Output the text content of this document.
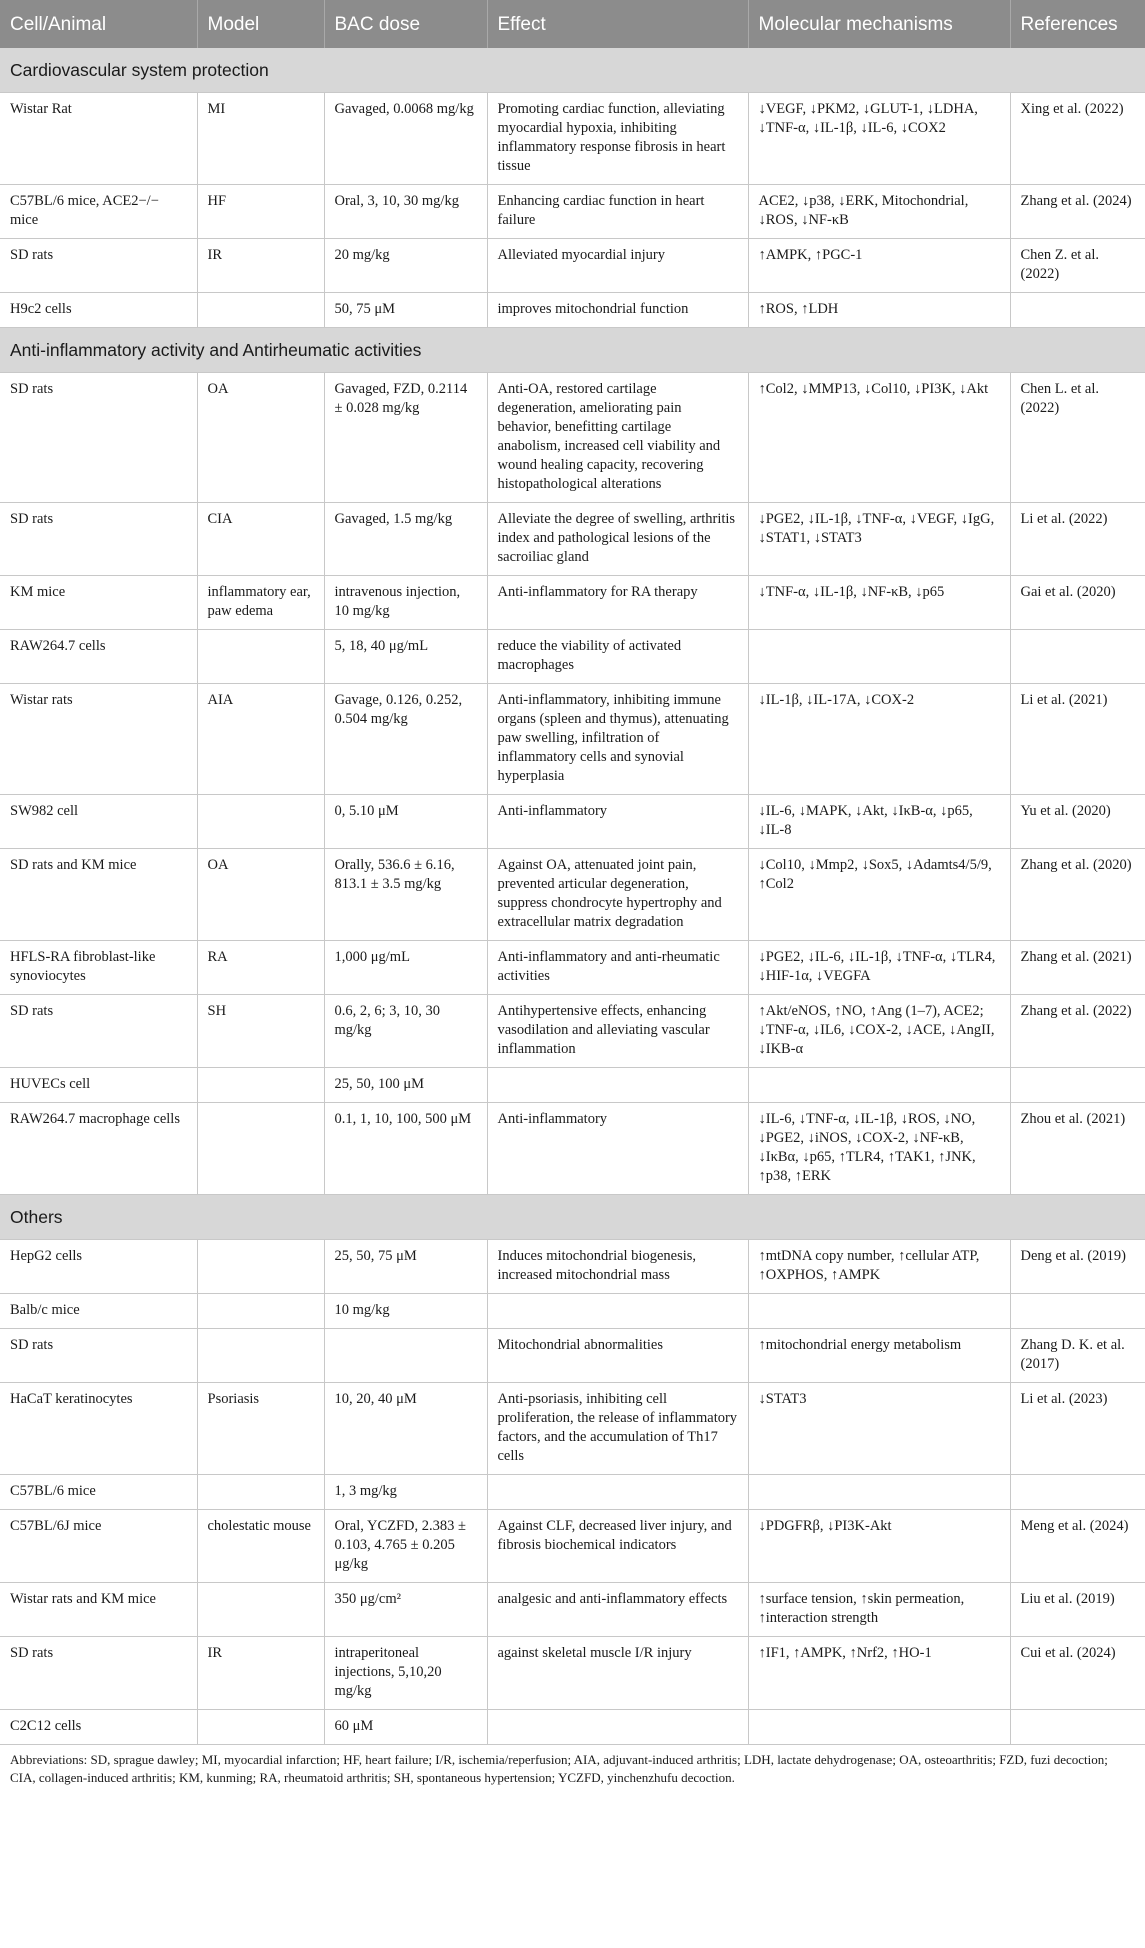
Cell/Animal	Model	BAC dose	Effect	Molecular mechanisms	References
Cardiovascular system protection					
Wistar Rat	MI	Gavaged, 0.0068 mg/kg	Promoting cardiac function, alleviating myocardial hypoxia, inhibiting inflammatory response fibrosis in heart tissue	↓VEGF, ↓PKM2, ↓GLUT-1, ↓LDHA, ↓TNF-α, ↓IL-1β, ↓IL-6, ↓COX2	Xing et al. (2022)
C57BL/6 mice, ACE2−/− mice	HF	Oral, 3, 10, 30 mg/kg	Enhancing cardiac function in heart failure	ACE2, ↓p38, ↓ERK, Mitochondrial, ↓ROS, ↓NF-κB	Zhang et al. (2024)
SD rats	IR	20 mg/kg	Alleviated myocardial injury	↑AMPK, ↑PGC-1	Chen Z. et al. (2022)
H9c2 cells		50, 75 μM	improves mitochondrial function	↑ROS, ↑LDH	
Anti-inflammatory activity and Antirheumatic activities					
SD rats	OA	Gavaged, FZD, 0.2114 ± 0.028 mg/kg	Anti-OA, restored cartilage degeneration, ameliorating pain behavior, benefitting cartilage anabolism, increased cell viability and wound healing capacity, recovering histopathological alterations	↑Col2, ↓MMP13, ↓Col10, ↓PI3K, ↓Akt	Chen L. et al. (2022)
SD rats	CIA	Gavaged, 1.5 mg/kg	Alleviate the degree of swelling, arthritis index and pathological lesions of the sacroiliac gland	↓PGE2, ↓IL-1β, ↓TNF-α, ↓VEGF, ↓IgG, ↓STAT1, ↓STAT3	Li et al. (2022)
KM mice	inflammatory ear, paw edema	intravenous injection, 10 mg/kg	Anti-inflammatory for RA therapy	↓TNF-α, ↓IL-1β, ↓NF-κB, ↓p65	Gai et al. (2020)
RAW264.7 cells		5, 18, 40 μg/mL	reduce the viability of activated macrophages		
Wistar rats	AIA	Gavage, 0.126, 0.252, 0.504 mg/kg	Anti-inflammatory, inhibiting immune organs (spleen and thymus), attenuating paw swelling, infiltration of inflammatory cells and synovial hyperplasia	↓IL-1β, ↓IL-17A, ↓COX-2	Li et al. (2021)
SW982 cell		0, 5.10 μM	Anti-inflammatory	↓IL-6, ↓MAPK, ↓Akt, ↓IκB-α, ↓p65, ↓IL-8	Yu et al. (2020)
SD rats and KM mice	OA	Orally, 536.6 ± 6.16, 813.1 ± 3.5 mg/kg	Against OA, attenuated joint pain, prevented articular degeneration, suppress chondrocyte hypertrophy and extracellular matrix degradation	↓Col10, ↓Mmp2, ↓Sox5, ↓Adamts4/5/9, ↑Col2	Zhang et al. (2020)
HFLS-RA fibroblast-like synoviocytes	RA	1,000 μg/mL	Anti-inflammatory and anti-rheumatic activities	↓PGE2, ↓IL-6, ↓IL-1β, ↓TNF-α, ↓TLR4, ↓HIF-1α, ↓VEGFA	Zhang et al. (2021)
SD rats	SH	0.6, 2, 6; 3, 10, 30 mg/kg	Antihypertensive effects, enhancing vasodilation and alleviating vascular inflammation	↑Akt/eNOS, ↑NO, ↑Ang (1–7), ACE2; ↓TNF-α, ↓IL6, ↓COX-2, ↓ACE, ↓AngII, ↓IKB-α	Zhang et al. (2022)
HUVECs cell		25, 50, 100 μM			
RAW264.7 macrophage cells		0.1, 1, 10, 100, 500 μM	Anti-inflammatory	↓IL-6, ↓TNF-α, ↓IL-1β, ↓ROS, ↓NO, ↓PGE2, ↓iNOS, ↓COX-2, ↓NF-κB, ↓IκBα, ↓p65, ↑TLR4, ↑TAK1, ↑JNK, ↑p38, ↑ERK	Zhou et al. (2021)
Others					
HepG2 cells		25, 50, 75 μM	Induces mitochondrial biogenesis, increased mitochondrial mass	↑mtDNA copy number, ↑cellular ATP, ↑OXPHOS, ↑AMPK	Deng et al. (2019)
Balb/c mice		10 mg/kg			
SD rats			Mitochondrial abnormalities	↑mitochondrial energy metabolism	Zhang D. K. et al. (2017)
HaCaT keratinocytes	Psoriasis	10, 20, 40 μM	Anti-psoriasis, inhibiting cell proliferation, the release of inflammatory factors, and the accumulation of Th17 cells	↓STAT3	Li et al. (2023)
C57BL/6 mice		1, 3 mg/kg			
C57BL/6J mice	cholestatic mouse	Oral, YCZFD, 2.383 ± 0.103, 4.765 ± 0.205 μg/kg	Against CLF, decreased liver injury, and fibrosis biochemical indicators	↓PDGFRβ, ↓PI3K-Akt	Meng et al. (2024)
Wistar rats and KM mice		350 μg/cm²	analgesic and anti-inflammatory effects	↑surface tension, ↑skin permeation, ↑interaction strength	Liu et al. (2019)
SD rats	IR	intraperitoneal injections, 5,10,20 mg/kg	against skeletal muscle I/R injury	↑IF1, ↑AMPK, ↑Nrf2, ↑HO-1	Cui et al. (2024)
C2C12 cells		60 μM			
Abbreviations: SD, sprague dawley; MI, myocardial infarction; HF, heart failure; I/R, ischemia/reperfusion; AIA, adjuvant-induced arthritis; LDH, lactate dehydrogenase; OA, osteoarthritis; FZD, fuzi decoction; CIA, collagen-induced arthritis; KM, kunming; RA, rheumatoid arthritis; SH, spontaneous hypertension; YCZFD, yinchenzhufu decoction.
